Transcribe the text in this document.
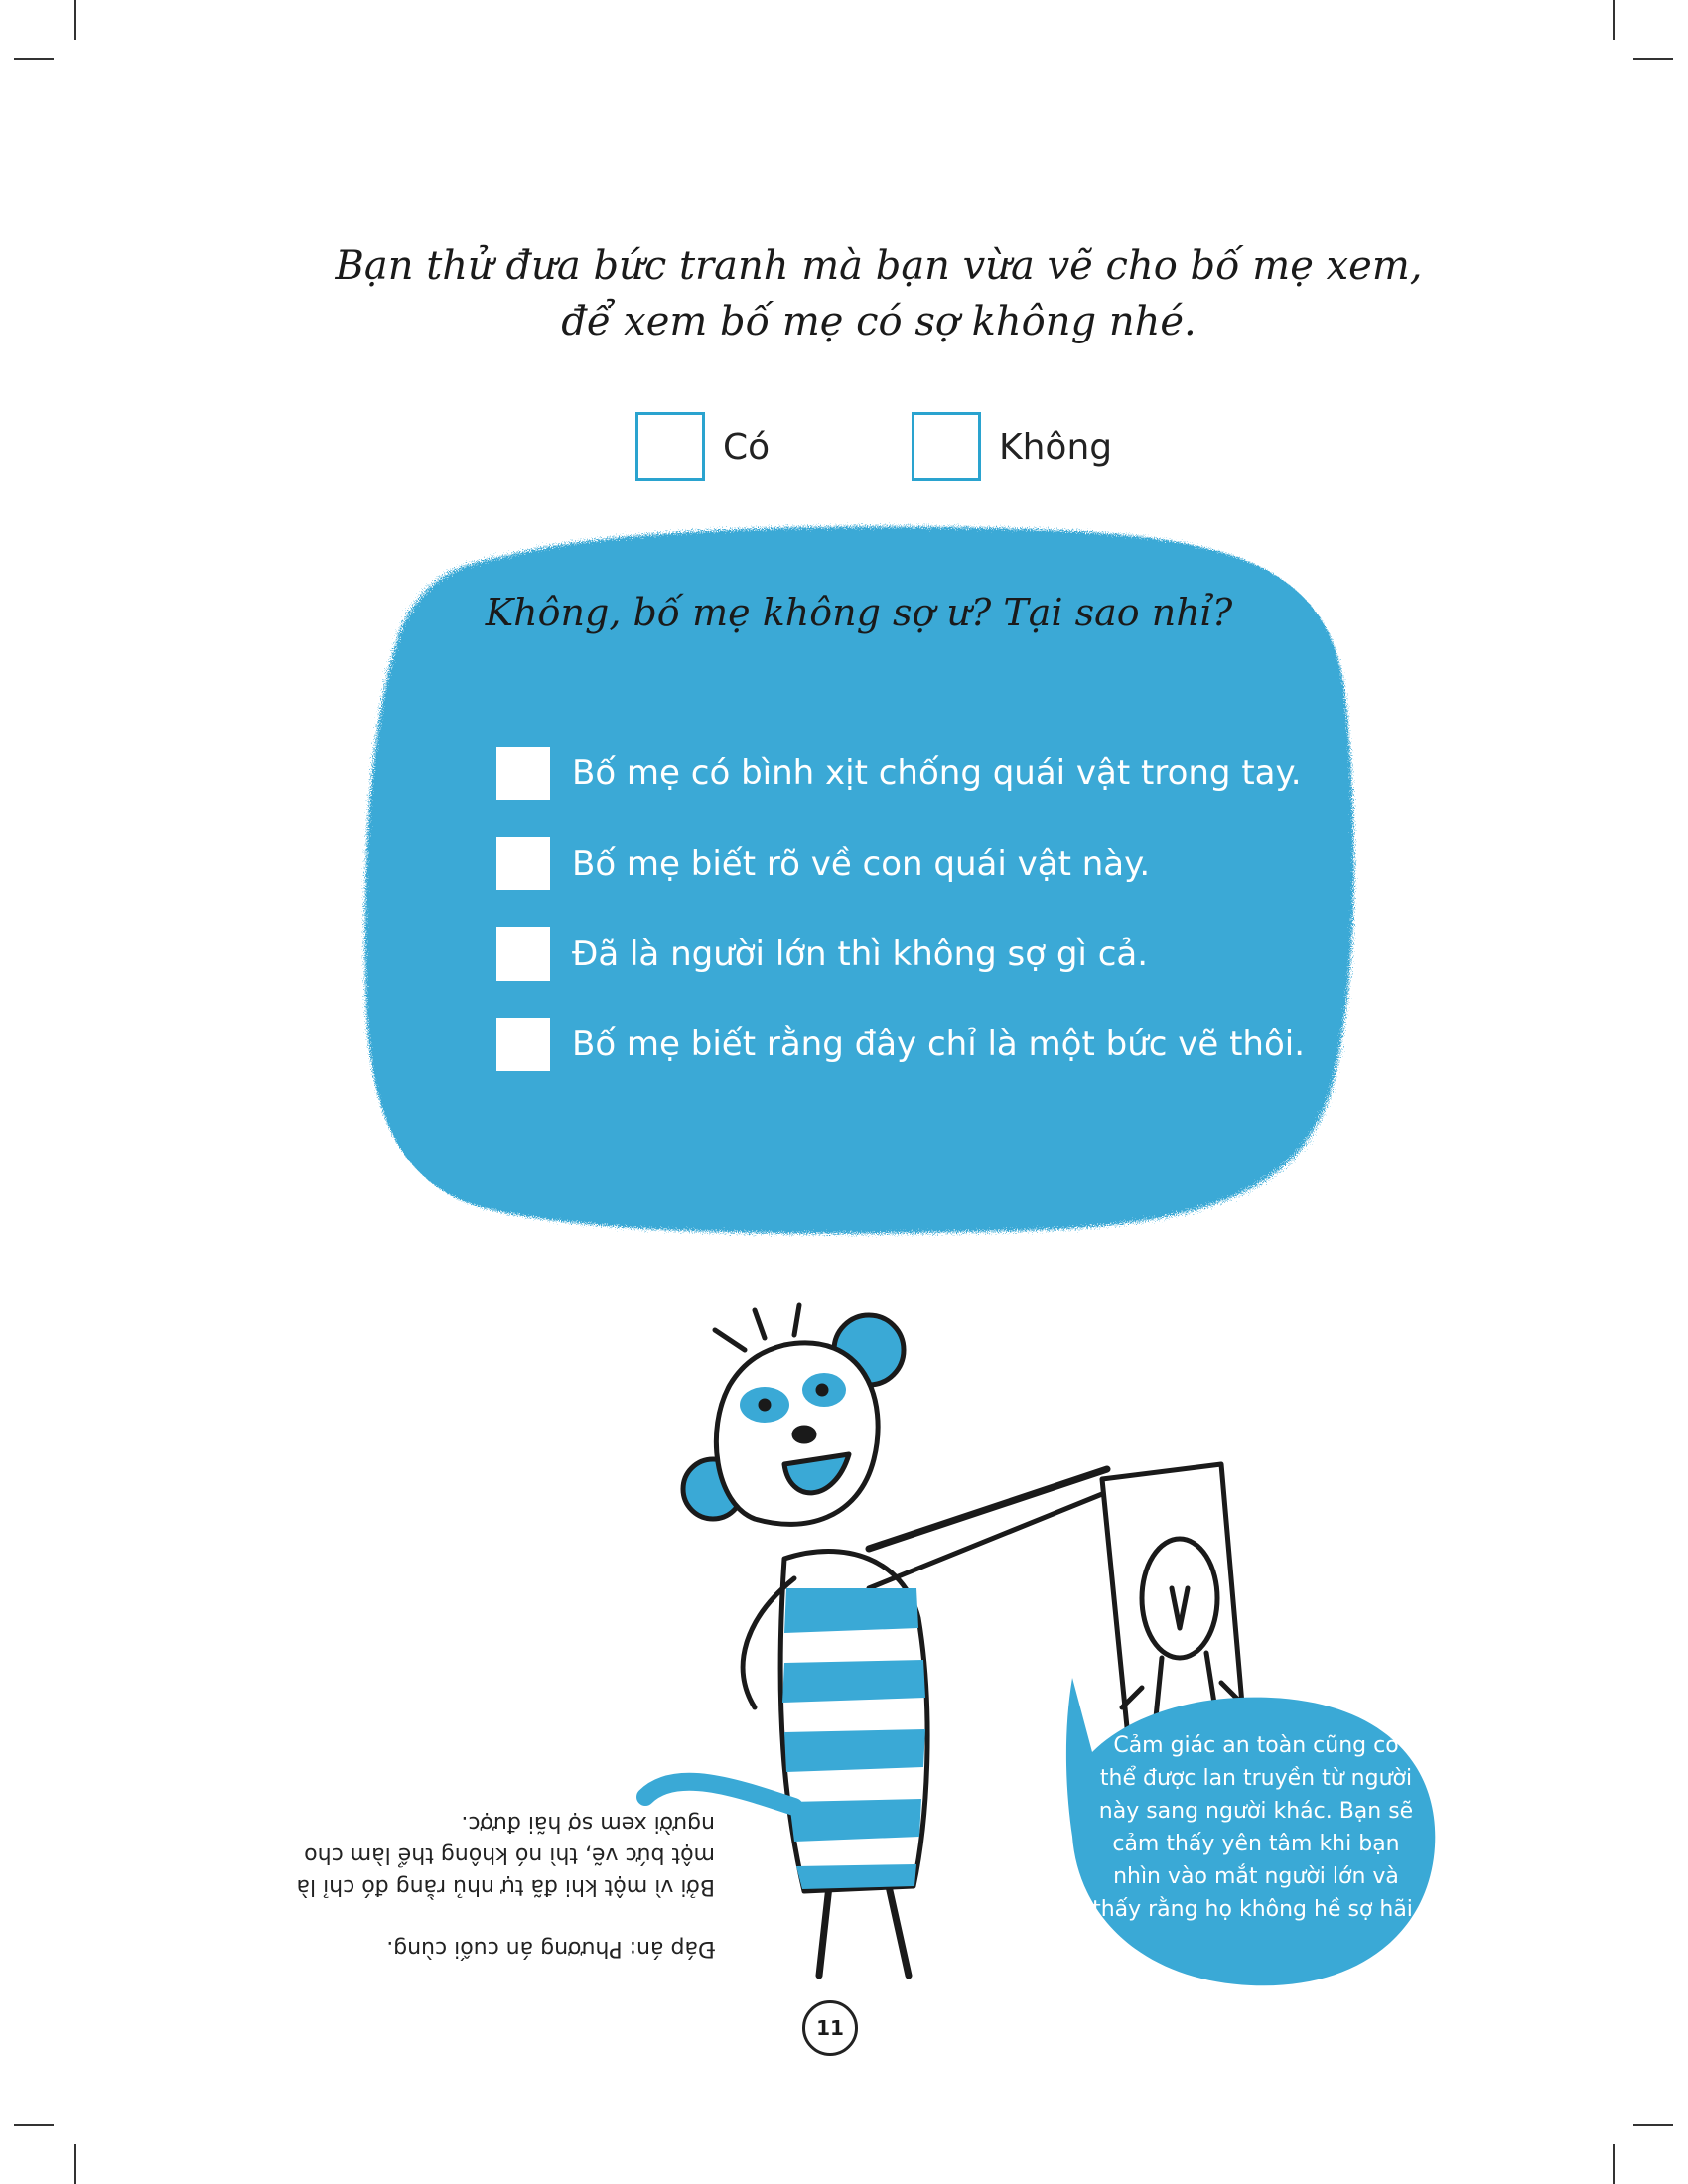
Bạn thử đưa bức tranh mà bạn vừa vẽ cho bố mẹ xem, để xem bố mẹ có sợ không nhé.
Có	Không
Không, bố mẹ không sợ ư? Tại sao nhỉ?
Bố mẹ có bình xịt chống quái vật trong tay.
Bố mẹ biết rõ về con quái vật này.
Đã là người lớn thì không sợ gì cả.
Bố mẹ biết rằng đây chỉ là một bức vẽ thôi.
Cảm giác an toàn cũng có thể được lan truyền từ người này sang người khác. Bạn sẽ cảm thấy yên tâm khi bạn nhìn vào mắt người lớn và thấy rằng họ không hề sợ hãi.

Đáp án: Phương án cuối cùng.

Bởi vì một khi đã tự nhủ rằng đó chỉ là một bức vẽ, thì nó không thể làm cho người xem sợ hãi được.

11
